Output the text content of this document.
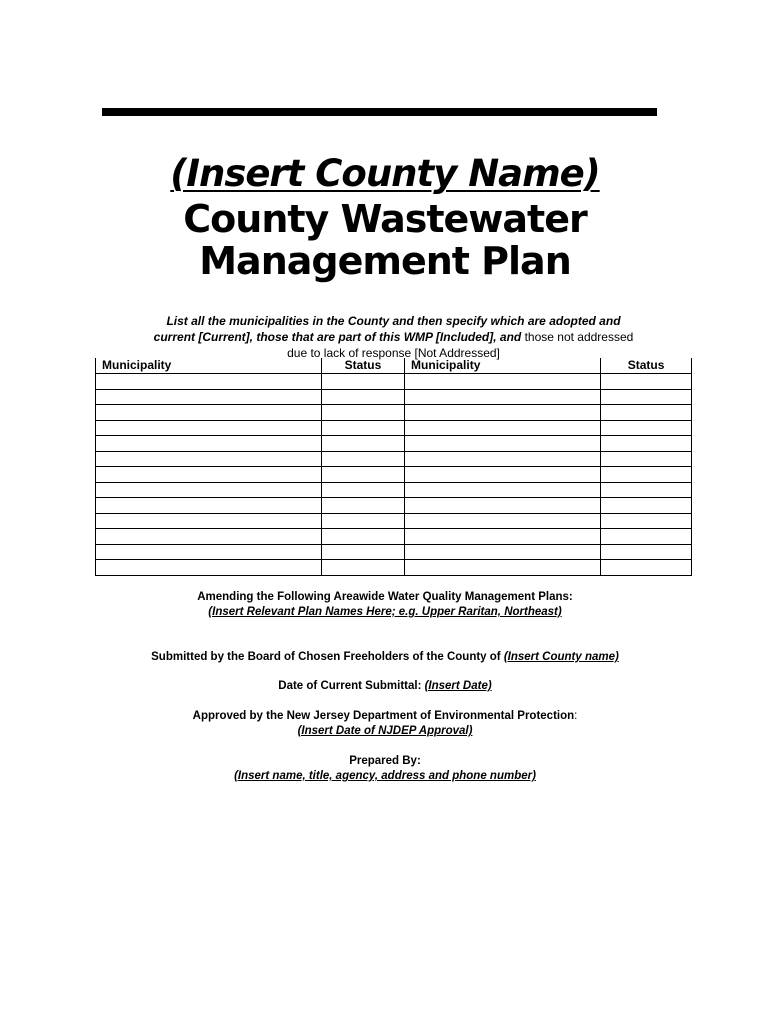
(Insert County Name)
County Wastewater
Management Plan
List all the municipalities in the County and then specify which are adopted and
current [Current], those that are part of this WMP [Included], and those not addressed
due to lack of response [Not Addressed]
Municipality	Status	Municipality	Status

Amending the Following Areawide Water Quality Management Plans:
(Insert Relevant Plan Names Here; e.g. Upper Raritan, Northeast)
Submitted by the Board of Chosen Freeholders of the County of (Insert County name)
Date of Current Submittal: (Insert Date)
Approved by the New Jersey Department of Environmental Protection:
(Insert Date of NJDEP Approval)
Prepared By:
(Insert name, title, agency, address and phone number)
